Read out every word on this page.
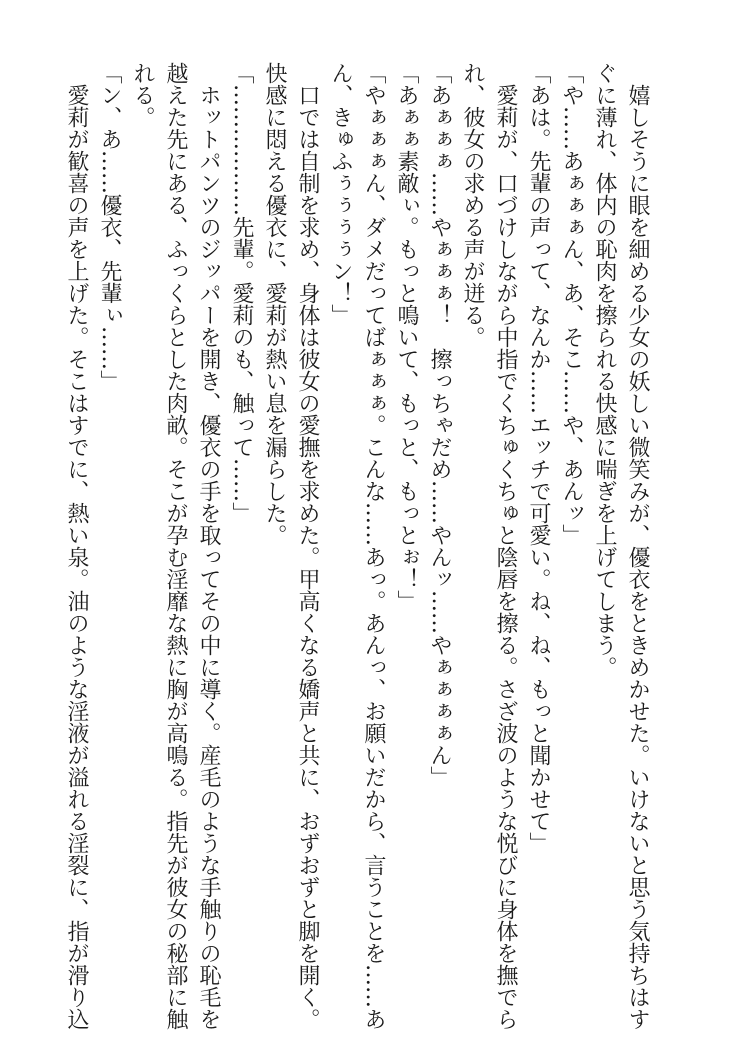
　嬉しそうに眼を細める少女の妖しい微笑みが、優衣をときめかせた。いけないと思う気持ちはす
ぐに薄れ、体内の恥肉を擦られる快感に喘ぎを上げてしまう。
「や……あぁぁぁん、あ、そこ……や、あんッ」
「あは。先輩の声って、なんか……エッチで可愛い。ね、ね、もっと聞かせて」
　愛莉が、口づけしながら中指でくちゅくちゅと陰唇を擦る。さざ波のような悦びに身体を撫でら
れ、彼女の求める声が迸る。
「あぁぁぁ……やぁぁぁ！　擦っちゃだめ……やんッ……やぁぁぁぁん」
「あぁぁ素敵ぃ。もっと鳴いて、もっと、もっとぉ！」
「やぁぁぁん、ダメだってばぁぁぁ。こんな……あっ。あんっ、お願いだから、言うことを……あ
ん、きゅふぅぅぅぅン！」
　口では自制を求め、身体は彼女の愛撫を求めた。甲高くなる嬌声と共に、おずおずと脚を開く。
快感に悶える優衣に、愛莉が熱い息を漏らした。
「………………先輩。愛莉のも、触って……」
　ホットパンツのジッパーを開き、優衣の手を取ってその中に導く。産毛のような手触りの恥毛を
越えた先にある、ふっくらとした肉畝。そこが孕む淫靡な熱に胸が高鳴る。指先が彼女の秘部に触
れる。
「ン、あ……優衣、先輩ぃ……」
　愛莉が歓喜の声を上げた。そこはすでに、熱い泉。油のような淫液が溢れる淫裂に、指が滑り込
